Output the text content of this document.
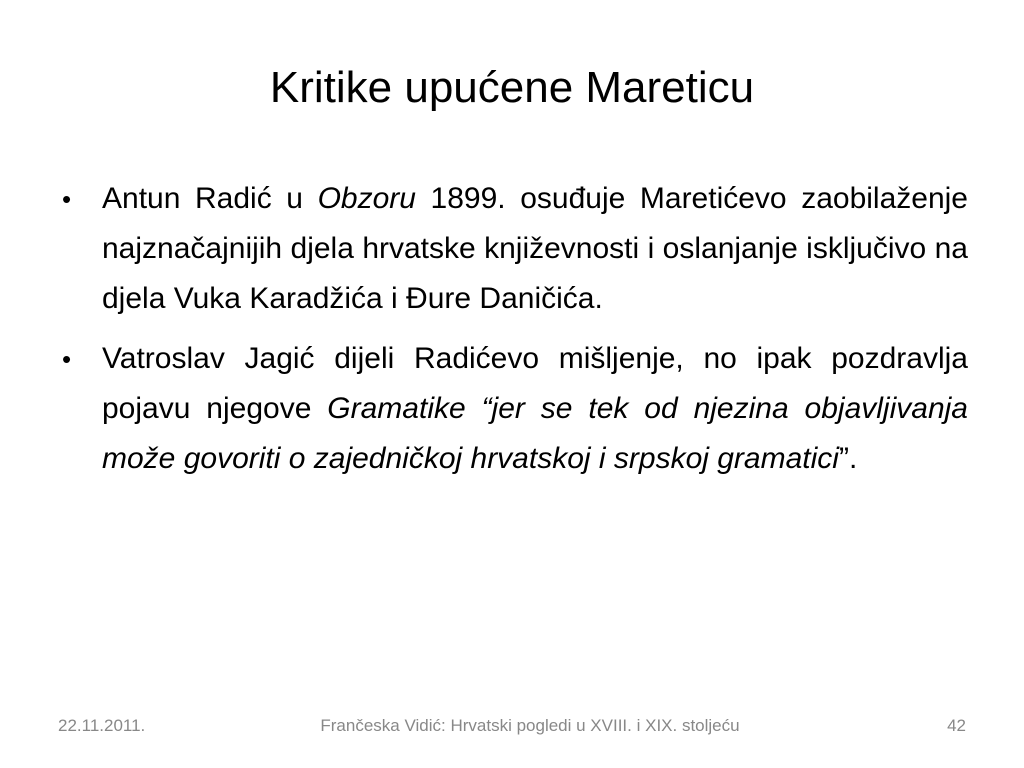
Kritike upućene Mareticu
•	Antun Radić u Obzoru 1899. osuđuje Maretićevo zaobilaženje najznačajnijih djela hrvatske književnosti i oslanjanje isključivo na djela Vuka Karadžića i Đure Daničića.
•	Vatroslav Jagić dijeli Radićevo mišljenje, no ipak pozdravlja pojavu njegove Gramatike “jer se tek od njezina objavljivanja može govoriti o zajedničkoj hrvatskoj i srpskoj gramatici”.
22.11.2011.	Frančeska Vidić: Hrvatski pogledi u XVIII. i XIX. stoljeću	42
